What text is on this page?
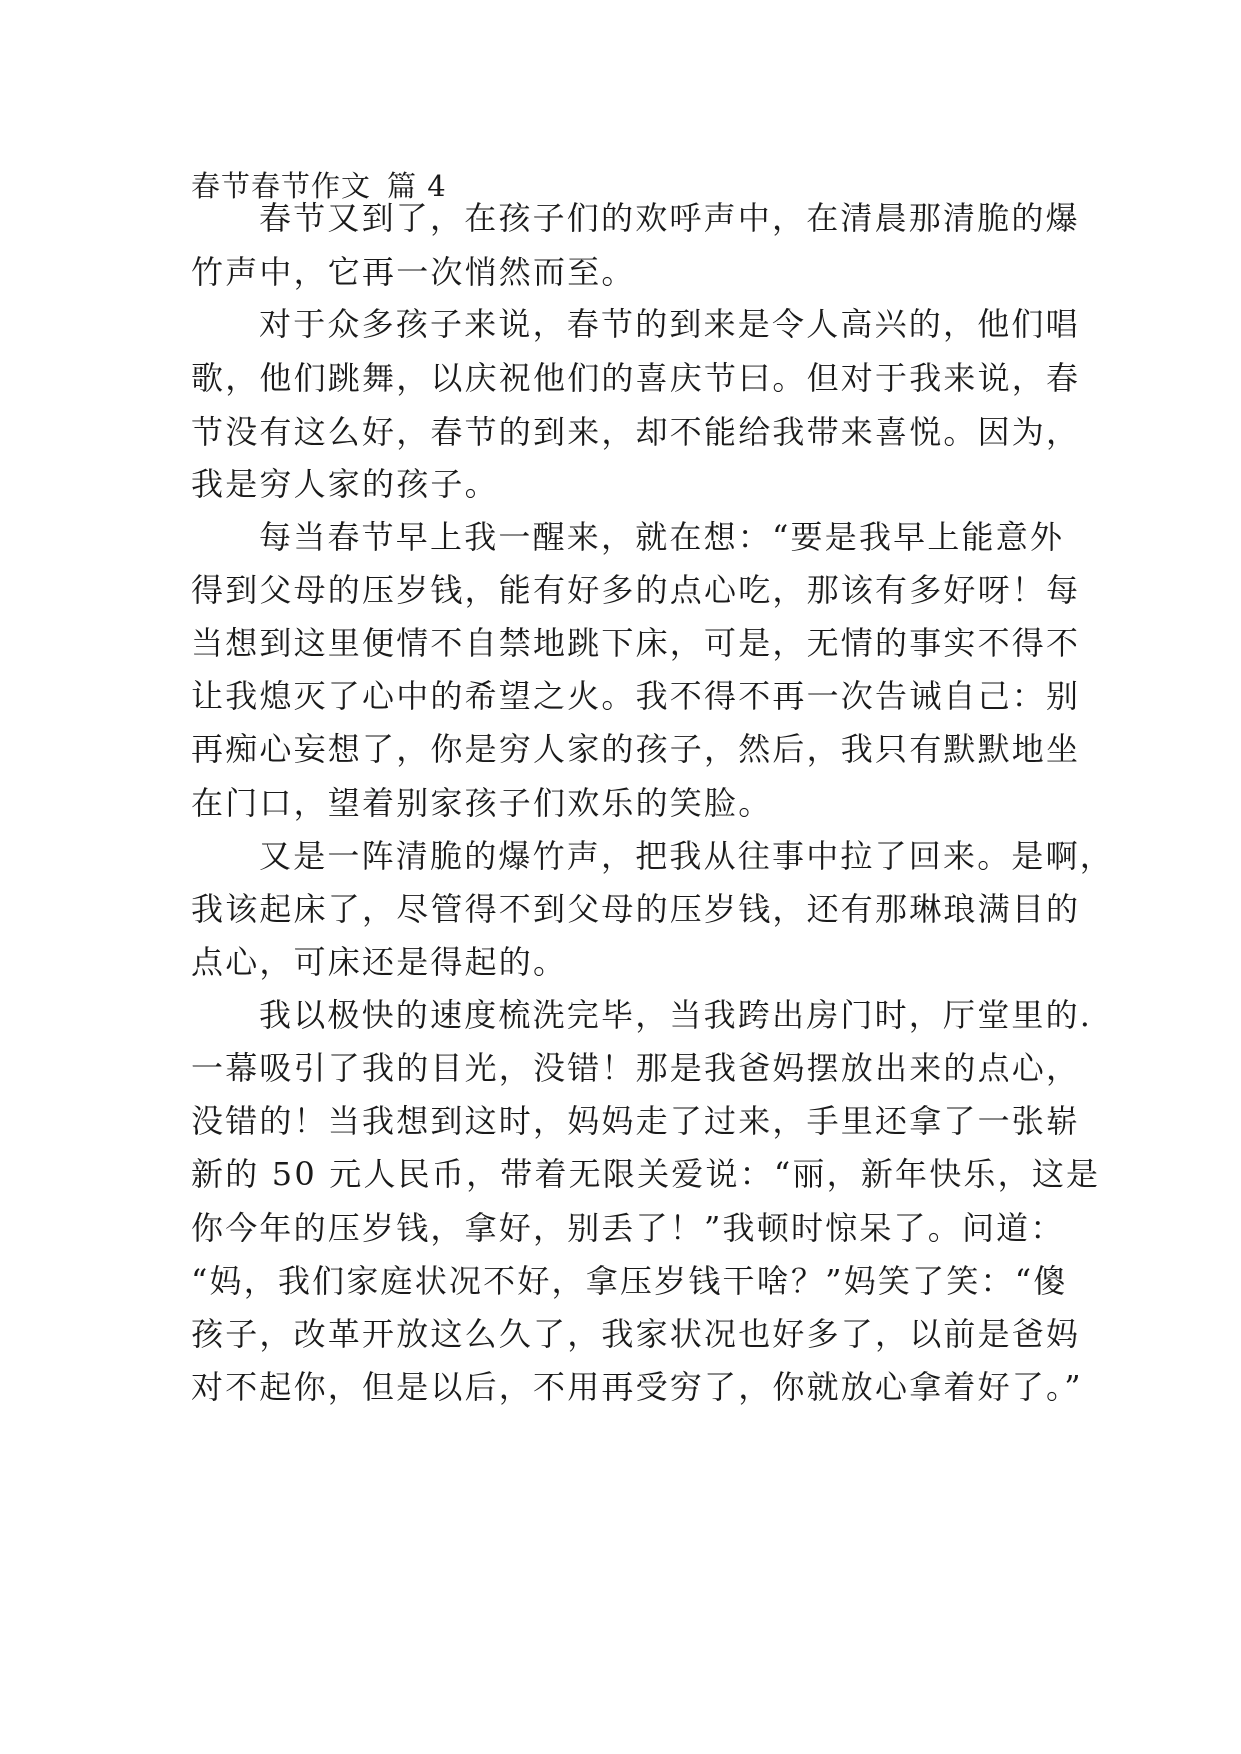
春节春节作文 篇 4
春节又到了，在孩子们的欢呼声中，在清晨那清脆的爆
竹声中，它再一次悄然而至。
对于众多孩子来说，春节的到来是令人高兴的，他们唱
歌，他们跳舞，以庆祝他们的喜庆节曰。但对于我来说，春
节没有这么好，春节的到来，却不能给我带来喜悦。因为，
我是穷人家的孩子。
每当春节早上我一醒来，就在想：“要是我早上能意外
得到父母的压岁钱，能有好多的点心吃，那该有多好呀！每
当想到这里便情不自禁地跳下床，可是，无情的事实不得不
让我熄灭了心中的希望之火。我不得不再一次告诫自己：别
再痴心妄想了，你是穷人家的孩子，然后，我只有默默地坐
在门口，望着别家孩子们欢乐的笑脸。
又是一阵清脆的爆竹声，把我从往事中拉了回来。是啊，
我该起床了，尽管得不到父母的压岁钱，还有那琳琅满目的
点心，可床还是得起的。
我以极快的速度梳洗完毕，当我跨出房门时，厅堂里的.
一幕吸引了我的目光，没错！那是我爸妈摆放出来的点心，
没错的！当我想到这时，妈妈走了过来，手里还拿了一张崭
新的 50 元人民币，带着无限关爱说：“丽，新年快乐，这是
你今年的压岁钱，拿好，别丢了！”我顿时惊呆了。问道：
“妈，我们家庭状况不好，拿压岁钱干啥？”妈笑了笑：“傻
孩子，改革开放这么久了，我家状况也好多了，以前是爸妈
对不起你，但是以后，不用再受穷了，你就放心拿着好了。”
